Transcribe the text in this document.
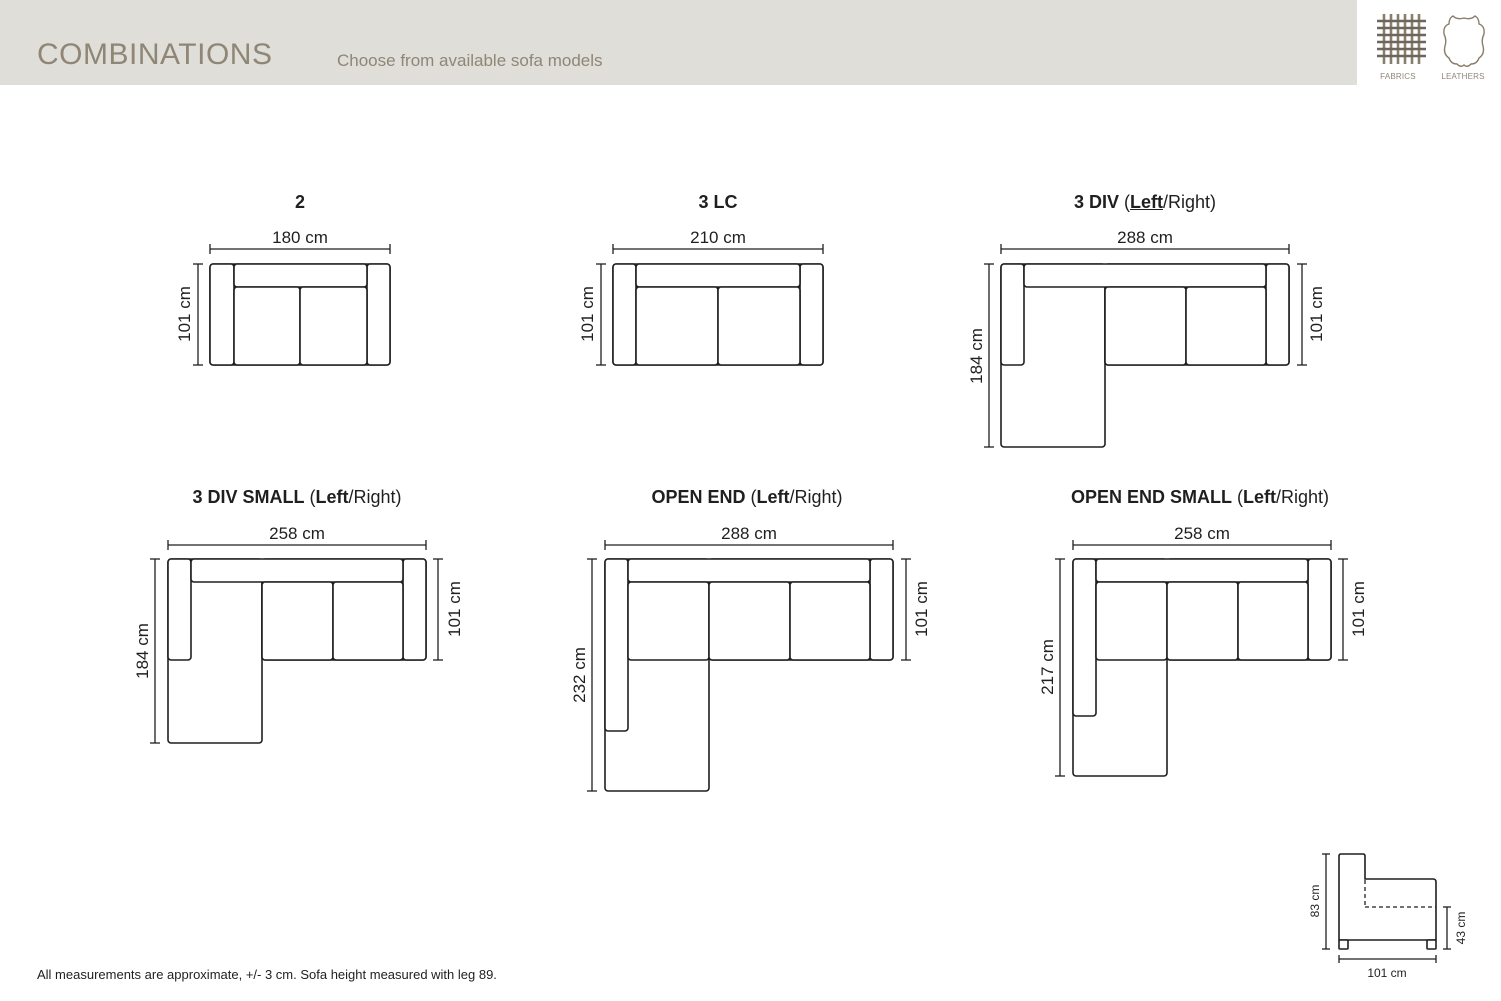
COMBINATIONS	Choose from available sofa models
FABRICS	LEATHERS
2	3 LC	3 DIV (Left/Right)
3 DIV SMALL (Left/Right)	OPEN END (Left/Right)	OPEN END SMALL (Left/Right)
180 cm
101 cm
210 cm
101 cm
288 cm
184 cm
101 cm
258 cm
184 cm
101 cm
288 cm
232 cm
101 cm
258 cm
217 cm
101 cm
83 cm
43 cm
101 cm
All measurements are approximate, +/- 3 cm. Sofa height measured with leg 89.
